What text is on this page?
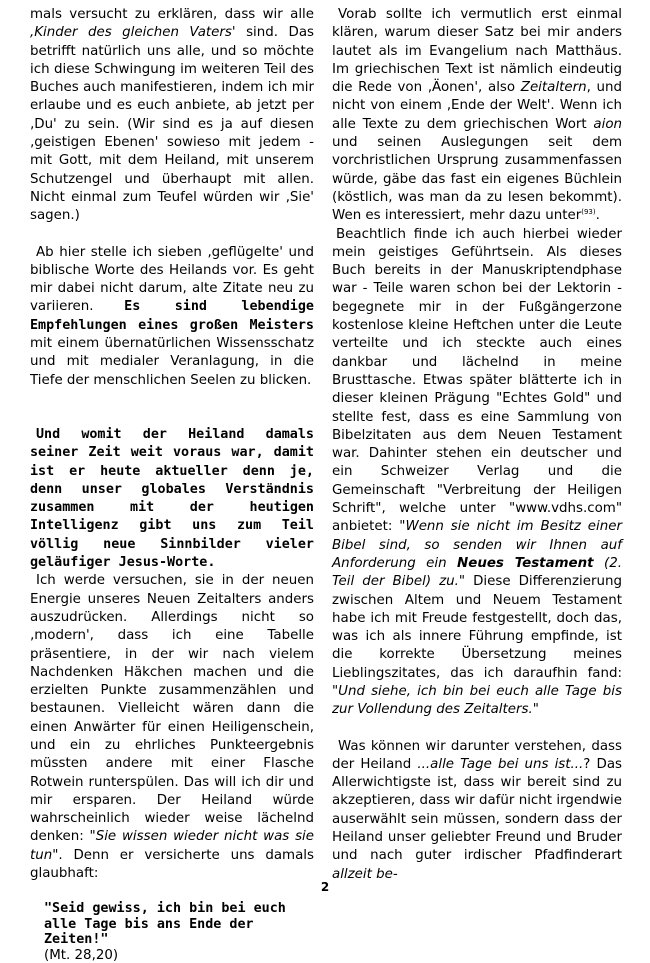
mals versucht zu erklären, dass wir alle ‚Kinder des gleichen Vaters' sind. Das betrifft natürlich uns alle, und so möchte ich diese Schwingung im weiteren Teil des Buches auch manifestieren, indem ich mir erlaube und es euch anbiete, ab jetzt per ‚Du' zu sein. (Wir sind es ja auf diesen ‚geistigen Ebenen' sowieso mit jedem - mit Gott, mit dem Heiland, mit unserem Schutzengel und überhaupt mit allen. Nicht einmal zum Teufel würden wir ‚Sie' sagen.)

Ab hier stelle ich sieben ‚geflügelte' und biblische Worte des Heilands vor. Es geht mir dabei nicht darum, alte Zitate neu zu variieren. Es sind lebendige Empfehlungen eines großen Meisters mit einem übernatürlichen Wissensschatz und mit medialer Veranlagung, in die Tiefe der menschlichen Seelen zu blicken.

Und womit der Heiland damals seiner Zeit weit voraus war, damit ist er heute aktueller denn je, denn unser globales Verständnis zusammen mit der heutigen Intelligenz gibt uns zum Teil völlig neue Sinnbilder vieler geläufiger Jesus-Worte.

Ich werde versuchen, sie in der neuen Energie unseres Neuen Zeitalters anders auszudrücken. Allerdings nicht so ‚modern', dass ich eine Tabelle präsentiere, in der wir nach vielem Nachdenken Häkchen machen und die erzielten Punkte zusammenzählen und bestaunen. Vielleicht wären dann die einen Anwärter für einen Heiligenschein, und ein zu ehrliches Punkteergebnis müssten andere mit einer Flasche Rotwein runterspülen. Das will ich dir und mir ersparen. Der Heiland würde wahrscheinlich wieder weise lächelnd denken: "Sie wissen wieder nicht was sie tun". Denn er versicherte uns damals glaubhaft:

"Seid gewiss, ich bin bei euch alle Tage bis ans Ende der Zeiten!"
(Mt. 28,20)

Vorab sollte ich vermutlich erst einmal klären, warum dieser Satz bei mir anders lautet als im Evangelium nach Matthäus. Im griechischen Text ist nämlich eindeutig die Rede von ‚Äonen', also Zeitaltern, und nicht von einem ‚Ende der Welt'. Wenn ich alle Texte zu dem griechischen Wort aion und seinen Auslegungen seit dem vorchristlichen Ursprung zusammenfassen würde, gäbe das fast ein eigenes Büchlein (köstlich, was man da zu lesen bekommt). Wen es interessiert, mehr dazu unter$^{(93)}$.

Beachtlich finde ich auch hierbei wieder mein geistiges Geführtsein. Als dieses Buch bereits in der Manuskriptendphase war - Teile waren schon bei der Lektorin - begegnete mir in der Fußgängerzone kostenlose kleine Heftchen unter die Leute verteilte und ich steckte auch eines dankbar und lächelnd in meine Brusttasche. Etwas später blätterte ich in dieser kleinen Prägung "Echtes Gold" und stellte fest, dass es eine Sammlung von Bibelzitaten aus dem Neuen Testament war. Dahinter stehen ein deutscher und ein Schweizer Verlag und die Gemeinschaft "Verbreitung der Heiligen Schrift", welche unter "www.vdhs.com" anbietet: "Wenn sie nicht im Besitz einer Bibel sind, so senden wir Ihnen auf Anforderung ein Neues Testament (2. Teil der Bibel) zu." Diese Differenzierung zwischen Altem und Neuem Testament habe ich mit Freude festgestellt, doch das, was ich als innere Führung empfinde, ist die korrekte Übersetzung meines Lieblingszitates, das ich daraufhin fand: "Und siehe, ich bin bei euch alle Tage bis zur Vollendung des Zeitalters."

Was können wir darunter verstehen, dass der Heiland ...alle Tage bei uns ist...? Das Allerwichtigste ist, dass wir bereit sind zu akzeptieren, dass wir dafür nicht irgendwie auserwählt sein müssen, sondern dass der Heiland unser geliebter Freund und Bruder und nach guter irdischer Pfadfinderart allzeit be-

2
